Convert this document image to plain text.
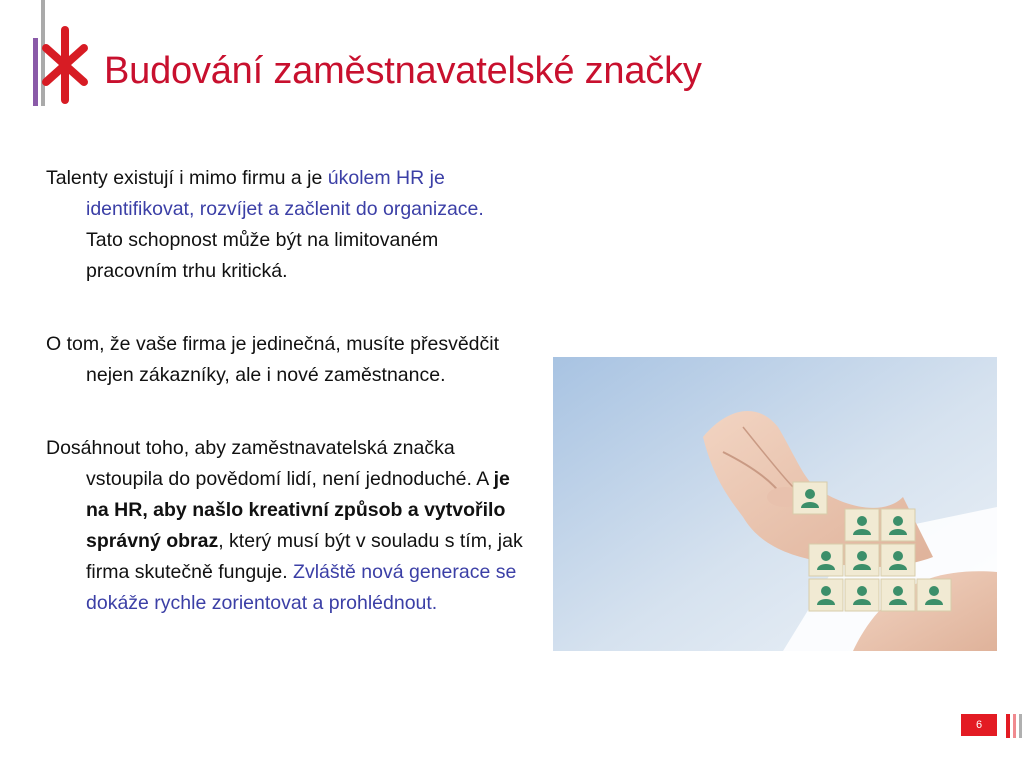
Budování zaměstnavatelské značky

Talenty existují i mimo firmu a je úkolem HR je identifikovat, rozvíjet a začlenit do organizace. Tato schopnost může být na limitovaném pracovním trhu kritická.

O tom, že vaše firma je jedinečná, musíte přesvědčit nejen zákazníky, ale i nové zaměstnance.

Dosáhnout toho, aby zaměstnavatelská značka vstoupila do povědomí lidí, není jednoduché. A je na HR, aby našlo kreativní způsob a vytvořilo správný obraz, který musí být v souladu s tím, jak firma skutečně funguje. Zvláště nová generace se dokáže rychle zorientovat a prohlédnout.

6
